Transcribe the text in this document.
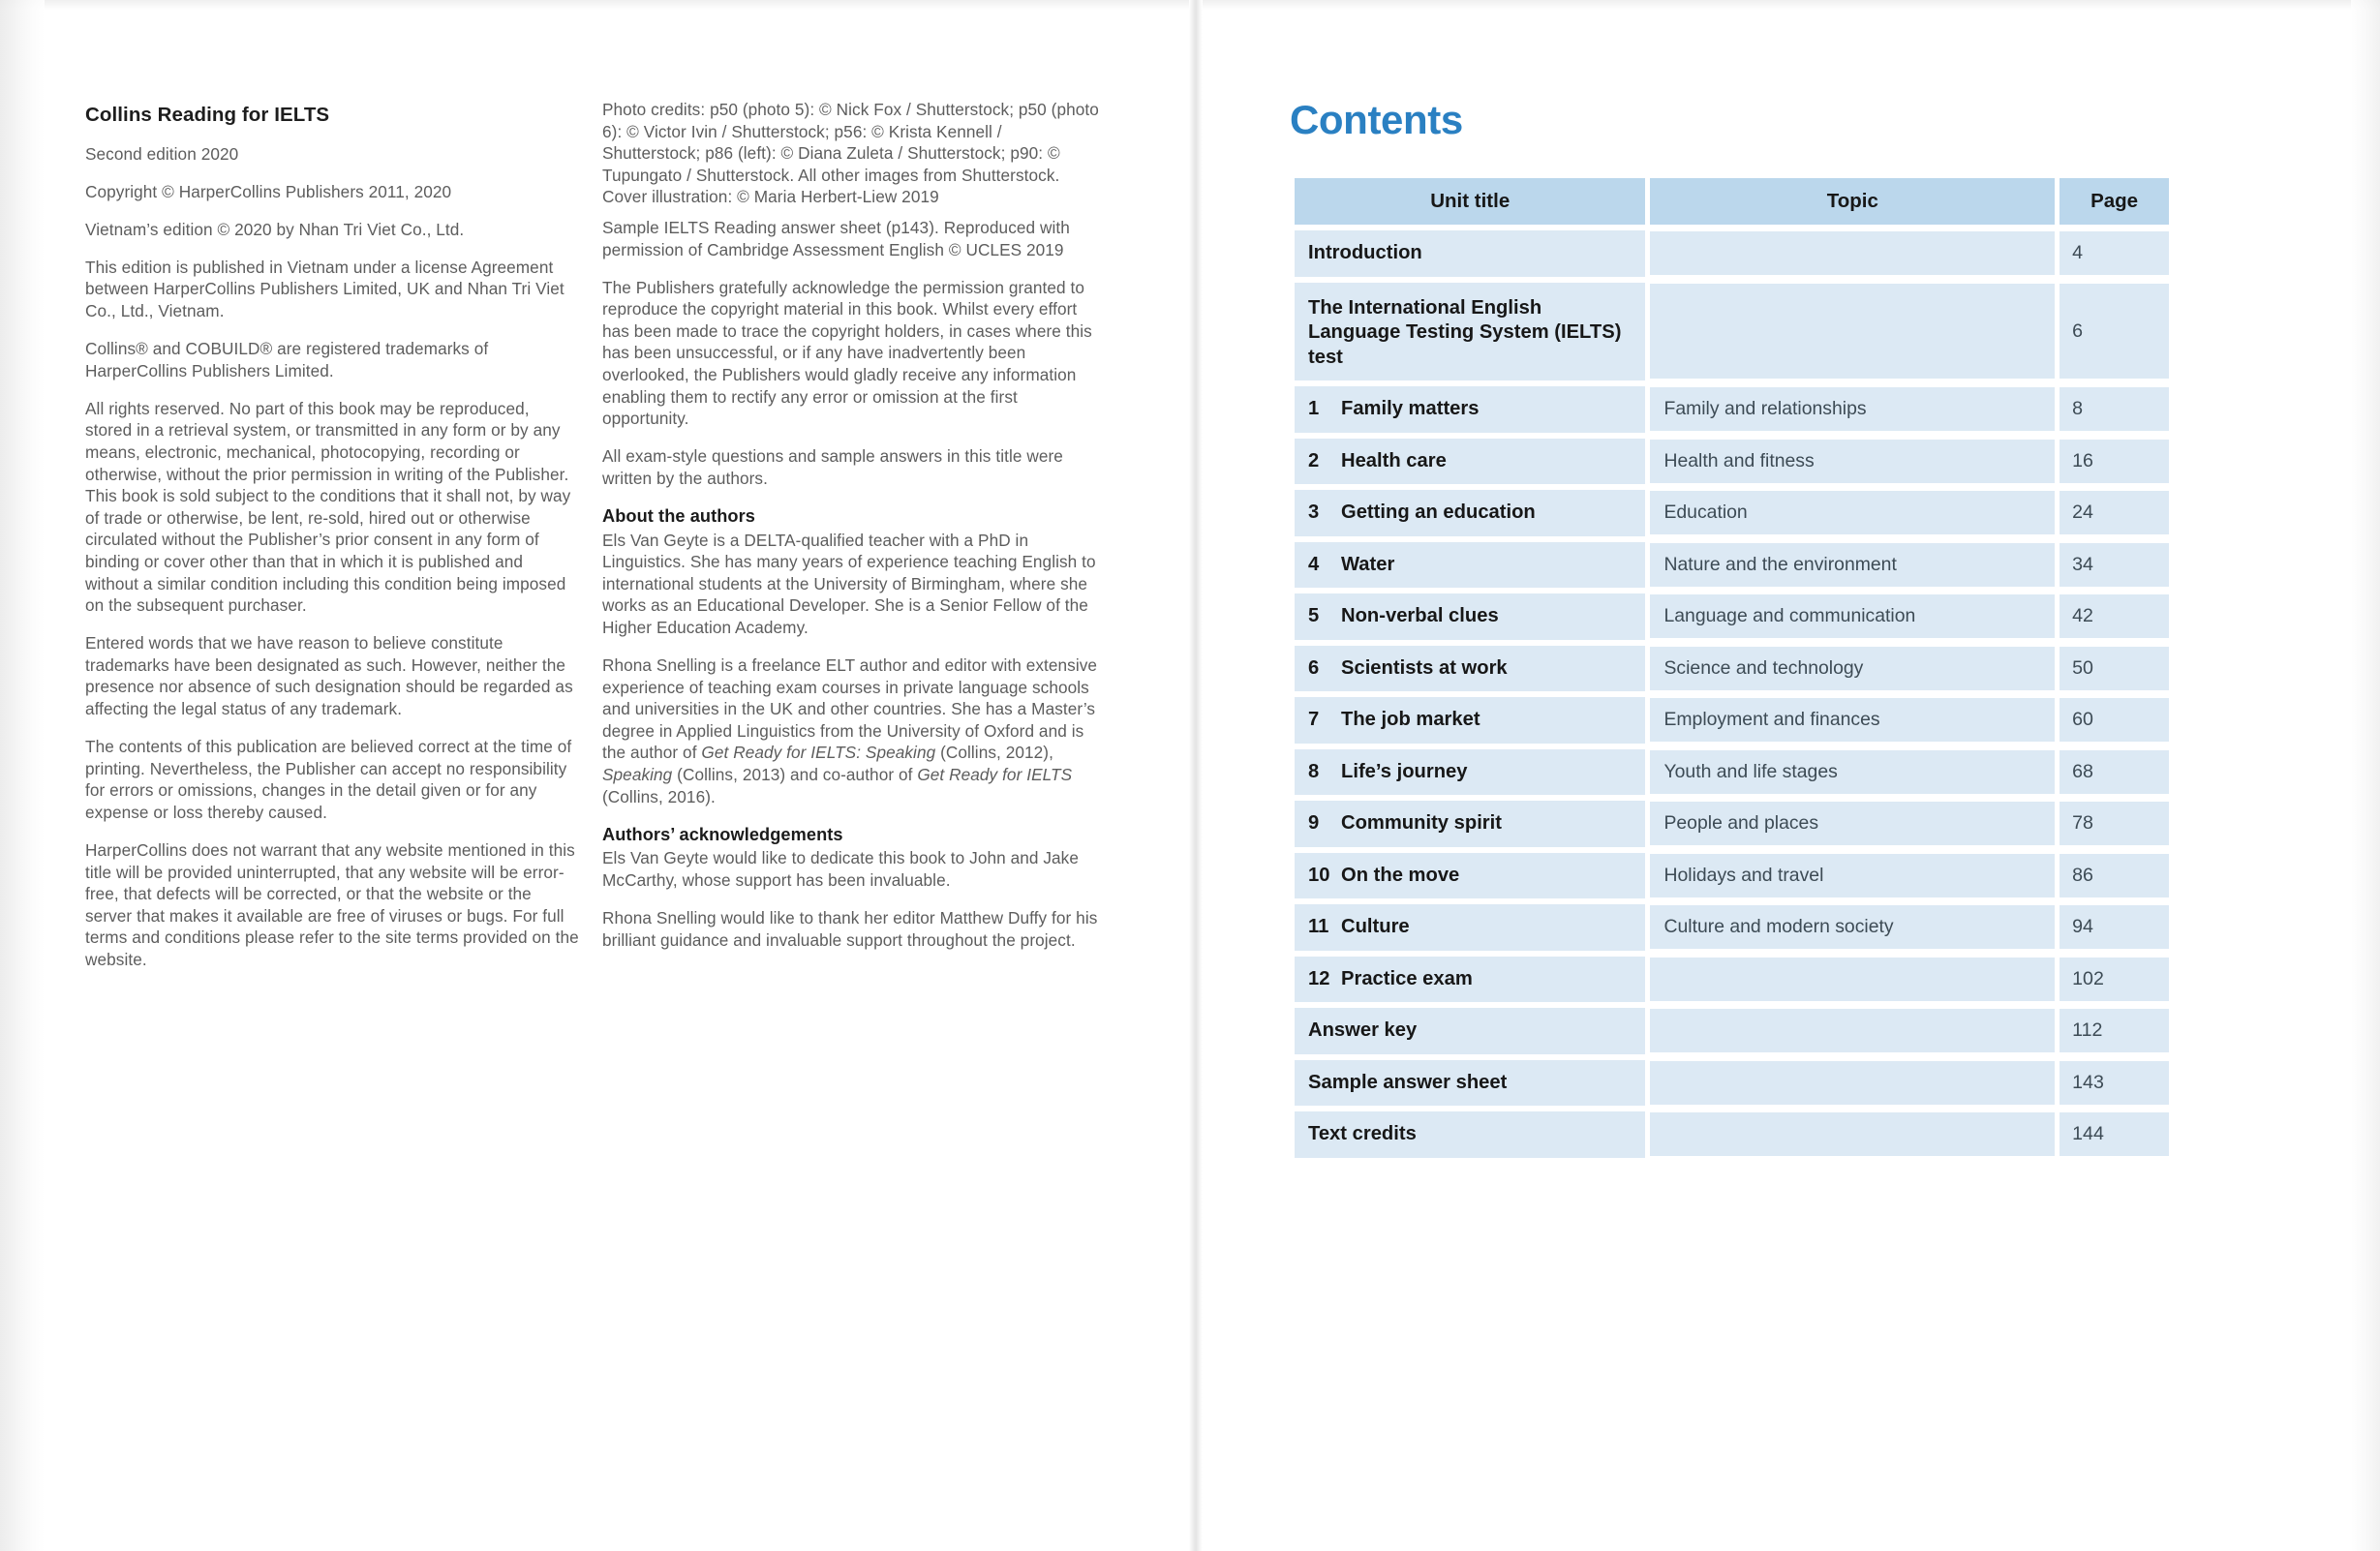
Collins Reading for IELTS

Second edition 2020

Copyright © HarperCollins Publishers 2011, 2020

Vietnam’s edition © 2020 by Nhan Tri Viet Co., Ltd.

This edition is published in Vietnam under a license Agreement between HarperCollins Publishers Limited, UK and Nhan Tri Viet Co., Ltd., Vietnam.

Collins® and COBUILD® are registered trademarks of HarperCollins Publishers Limited.

All rights reserved. No part of this book may be reproduced, stored in a retrieval system, or transmitted in any form or by any means, electronic, mechanical, photocopying, recording or otherwise, without the prior permission in writing of the Publisher. This book is sold subject to the conditions that it shall not, by way of trade or otherwise, be lent, re-sold, hired out or otherwise circulated without the Publisher’s prior consent in any form of binding or cover other than that in which it is published and without a similar condition including this condition being imposed on the subsequent purchaser.

Entered words that we have reason to believe constitute trademarks have been designated as such. However, neither the presence nor absence of such designation should be regarded as affecting the legal status of any trademark.

The contents of this publication are believed correct at the time of printing. Nevertheless, the Publisher can accept no responsibility for errors or omissions, changes in the detail given or for any expense or loss thereby caused.

HarperCollins does not warrant that any website mentioned in this title will be provided uninterrupted, that any website will be error-free, that defects will be corrected, or that the website or the server that makes it available are free of viruses or bugs. For full terms and conditions please refer to the site terms provided on the website.

Photo credits: p50 (photo 5): © Nick Fox / Shutterstock; p50 (photo 6): © Victor Ivin / Shutterstock; p56: © Krista Kennell / Shutterstock; p86 (left): © Diana Zuleta / Shutterstock; p90: © Tupungato / Shutterstock. All other images from Shutterstock. Cover illustration: © Maria Herbert-Liew 2019

Sample IELTS Reading answer sheet (p143). Reproduced with permission of Cambridge Assessment English © UCLES 2019

The Publishers gratefully acknowledge the permission granted to reproduce the copyright material in this book. Whilst every effort has been made to trace the copyright holders, in cases where this has been unsuccessful, or if any have inadvertently been overlooked, the Publishers would gladly receive any information enabling them to rectify any error or omission at the first opportunity.

All exam-style questions and sample answers in this title were written by the authors.

About the authors

Els Van Geyte is a DELTA-qualified teacher with a PhD in Linguistics. She has many years of experience teaching English to international students at the University of Birmingham, where she works as an Educational Developer. She is a Senior Fellow of the Higher Education Academy.

Rhona Snelling is a freelance ELT author and editor with extensive experience of teaching exam courses in private language schools and universities in the UK and other countries. She has a Master’s degree in Applied Linguistics from the University of Oxford and is the author of Get Ready for IELTS: Speaking (Collins, 2012), Speaking (Collins, 2013) and co-author of Get Ready for IELTS (Collins, 2016).

Authors’ acknowledgements

Els Van Geyte would like to dedicate this book to John and Jake McCarthy, whose support has been invaluable.

Rhona Snelling would like to thank her editor Matthew Duffy for his brilliant guidance and invaluable support throughout the project.

Contents
Unit title	Topic	Page

Introduction		4

The International English Language Testing System (IELTS) test		6

1 Family matters	Family and relationships	8

2 Health care	Health and fitness	16

3 Getting an education	Education	24

4 Water	Nature and the environment	34

5 Non-verbal clues	Language and communication	42

6 Scientists at work	Science and technology	50

7 The job market	Employment and finances	60

8 Life’s journey	Youth and life stages	68

9 Community spirit	People and places	78

10 On the move	Holidays and travel	86

11 Culture	Culture and modern society	94

12 Practice exam		102

Answer key		112

Sample answer sheet		143

Text credits		144
